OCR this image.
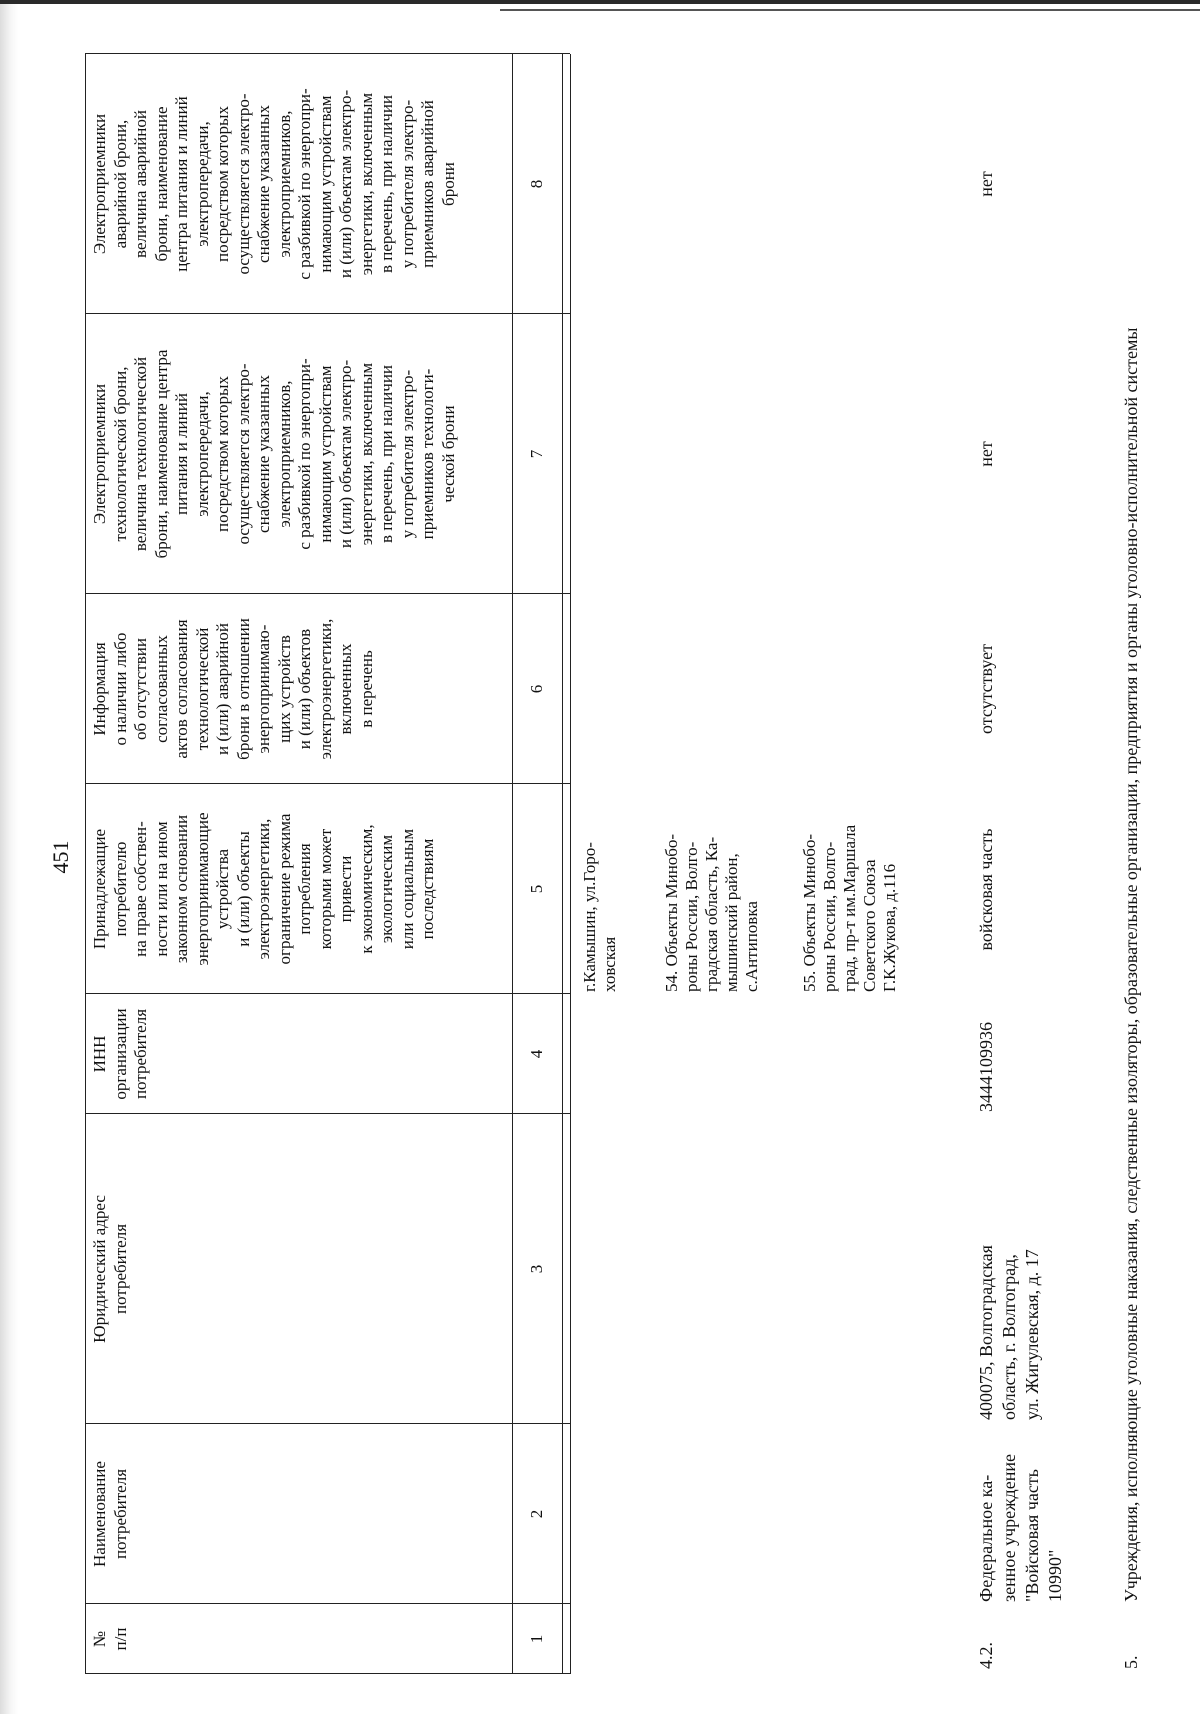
451
№
п/п
Наименование
потребителя
Юридический адрес
потребителя
ИНН
организации
потребителя
Принадлежащие
потребителю
на праве собствен-
ности или на ином
законном основании
энергопринимающие
устройства
и (или) объекты
электроэнергетики,
ограничение режима
потребления
которыми может
привести
к экономическим,
экологическим
или социальным
последствиям
Информация
о наличии либо
об отсутствии
согласованных
актов согласования
технологической
и (или) аварийной
брони в отношении
энергопринимаю-
щих устройств
и (или) объектов
электроэнергетики,
включенных
в перечень
Электроприемники
технологической брони,
величина технологической
брони, наименование центра
питания и линий
электропередачи,
посредством которых
осуществляется электро-
снабжение указанных
электроприемников,
с разбивкой по энергопри-
нимающим устройствам
и (или) объектам электро-
энергетики, включенным
в перечень, при наличии
у потребителя электро-
приемников технологи-
ческой брони
Электроприемники
аварийной брони,
величина аварийной
брони, наименование
центра питания и линий
электропередачи,
посредством которых
осуществляется электро-
снабжение указанных
электроприемников,
с разбивкой по энергопри-
нимающим устройствам
и (или) объектам электро-
энергетики, включенным
в перечень, при наличии
у потребителя электро-
приемников аварийной
брони
1
2
3
4
5
6
7
8
г.Камышин, ул.Горо-
ховская	54. Объекты Минобо-
роны России, Волго-
градская область, Ка-
мышинский район,
с.Антиповка 55. Объекты Минобо-
роны России, Волго-
град, пр-т им.Маршала
Советского Союза
Г.К.Жукова, д.116
4.2.
Федеральное ка-
зенное учреждение
"Войсковая часть
10990"
400075, Волгоградская
область, г. Волгоград,
ул. Жигулевская, д. 17
3444109936
войсковая часть
отсутствует
нет
нет
5.
Учреждения, исполняющие уголовные наказания, следственные изоляторы, образовательные организации, предприятия и органы уголовно-исполнительной системы
